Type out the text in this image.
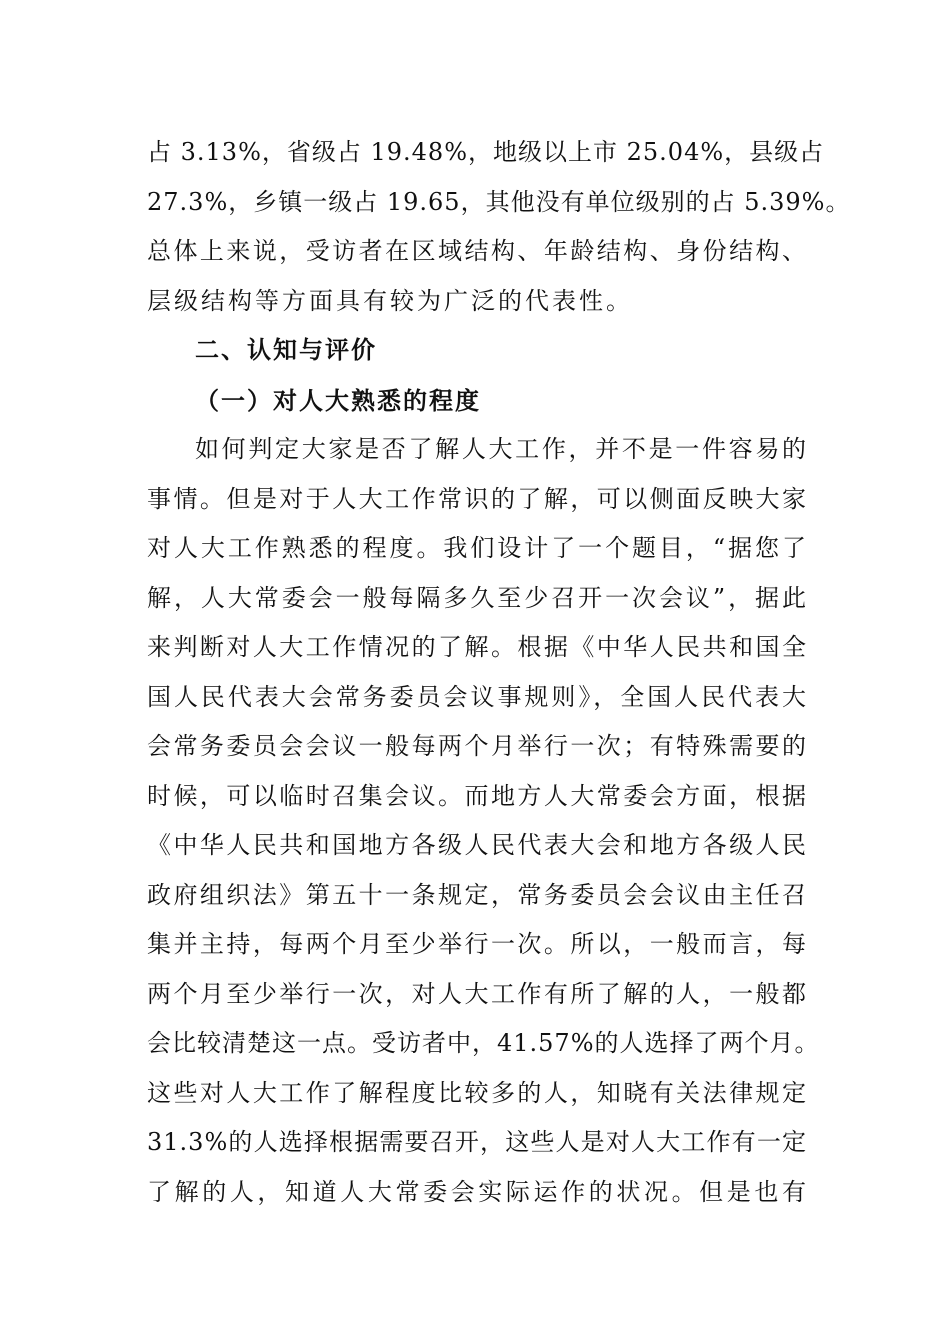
占 3.13%，省级占 19.48%，地级以上市 25.04%，县级占
27.3%，乡镇一级占 19.65，其他没有单位级别的占 5.39%。
总体上来说，受访者在区域结构、年龄结构、身份结构、
层级结构等方面具有较为广泛的代表性。
二、认知与评价
（一）对人大熟悉的程度
如何判定大家是否了解人大工作，并不是一件容易的
事情。但是对于人大工作常识的了解，可以侧面反映大家
对人大工作熟悉的程度。我们设计了一个题目，“据您了
解，人大常委会一般每隔多久至少召开一次会议”，据此
来判断对人大工作情况的了解。根据《中华人民共和国全
国人民代表大会常务委员会议事规则》，全国人民代表大
会常务委员会会议一般每两个月举行一次；有特殊需要的
时候，可以临时召集会议。而地方人大常委会方面，根据
《中华人民共和国地方各级人民代表大会和地方各级人民
政府组织法》第五十一条规定，常务委员会会议由主任召
集并主持，每两个月至少举行一次。所以，一般而言，每
两个月至少举行一次，对人大工作有所了解的人，一般都
会比较清楚这一点。受访者中，41.57%的人选择了两个月。
这些对人大工作了解程度比较多的人，知晓有关法律规定
31.3%的人选择根据需要召开，这些人是对人大工作有一定
了解的人，知道人大常委会实际运作的状况。但是也有
